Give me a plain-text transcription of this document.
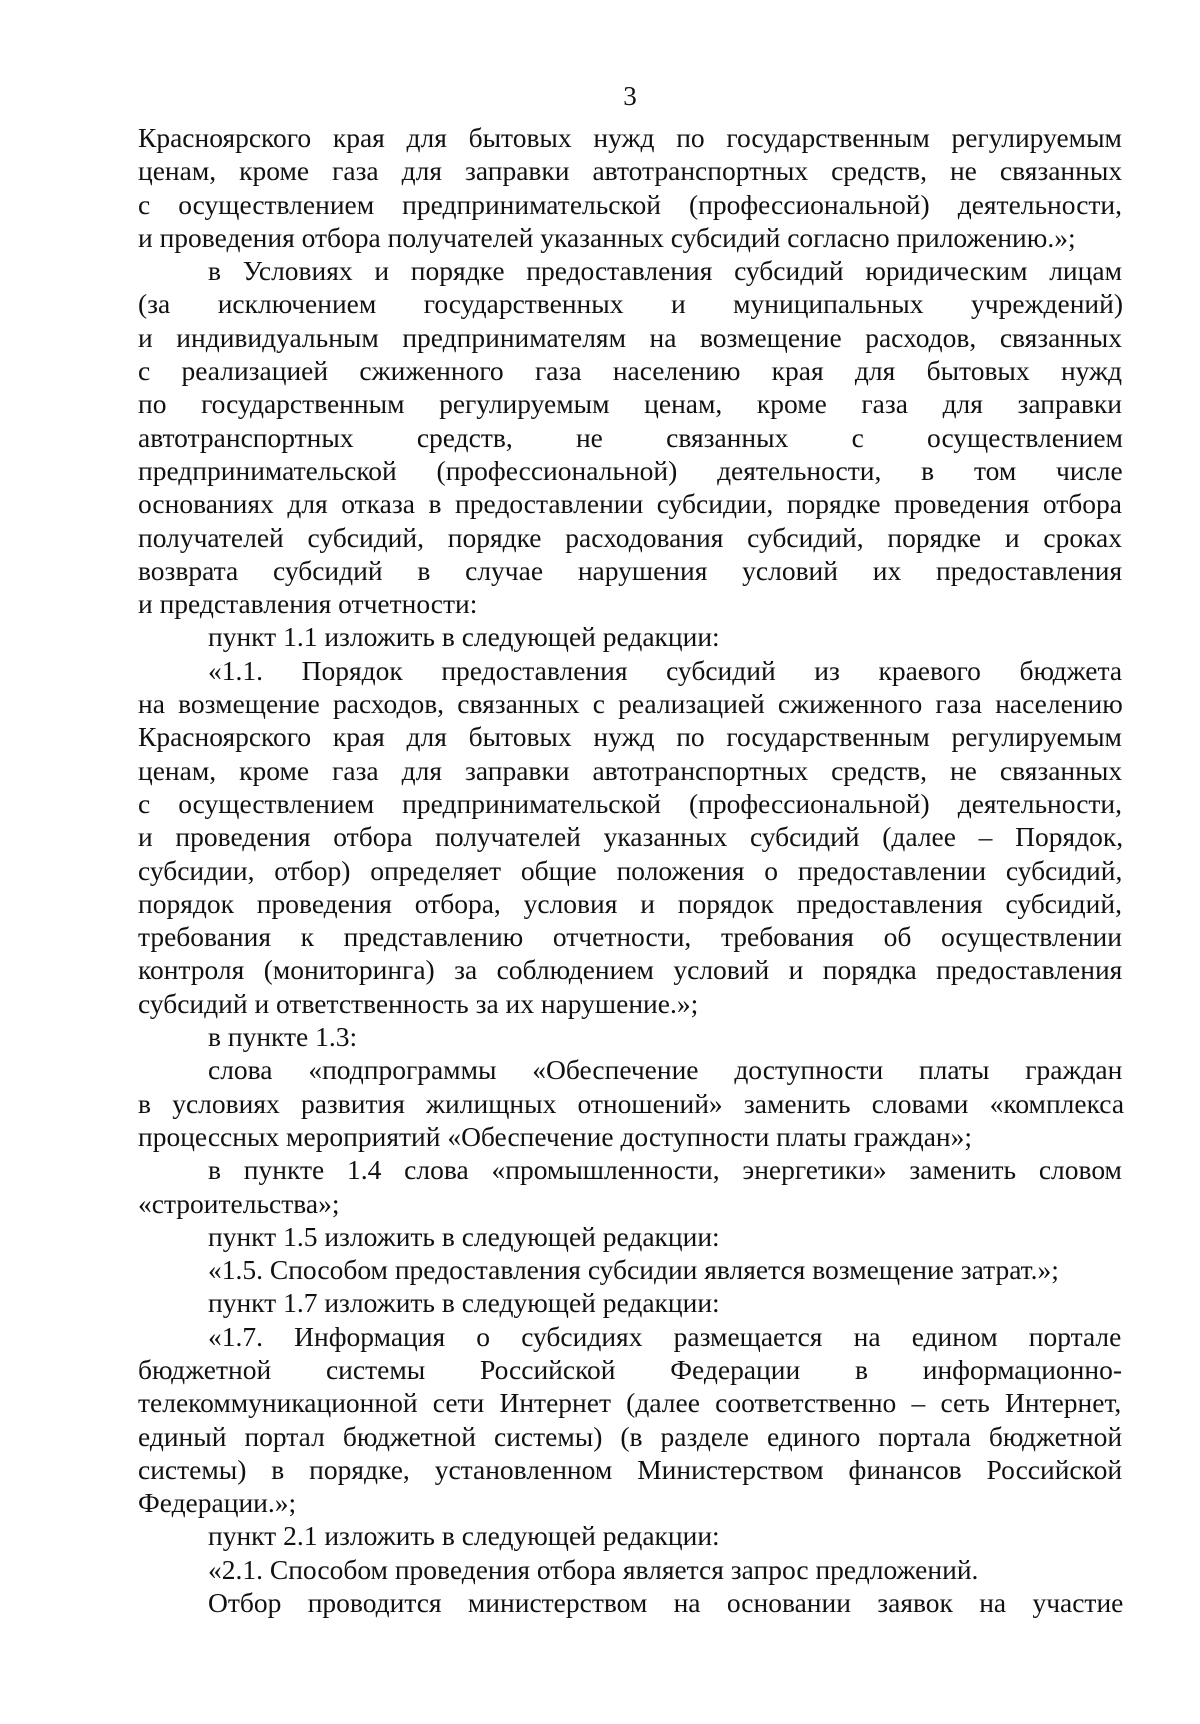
3
Красноярского края для бытовых нужд по государственным регулируемым
ценам, кроме газа для заправки автотранспортных средств, не связанных
с осуществлением предпринимательской (профессиональной) деятельности,
и проведения отбора получателей указанных субсидий согласно приложению.»;
в Условиях и порядке предоставления субсидий юридическим лицам
(за исключением государственных и муниципальных учреждений)
и индивидуальным предпринимателям на возмещение расходов, связанных
с реализацией сжиженного газа населению края для бытовых нужд
по государственным регулируемым ценам, кроме газа для заправки
автотранспортных средств, не связанных с осуществлением
предпринимательской (профессиональной) деятельности, в том числе
основаниях для отказа в предоставлении субсидии, порядке проведения отбора
получателей субсидий, порядке расходования субсидий, порядке и сроках
возврата субсидий в случае нарушения условий их предоставления
и представления отчетности:
пункт 1.1 изложить в следующей редакции:
«1.1. Порядок предоставления субсидий из краевого бюджета
на возмещение расходов, связанных с реализацией сжиженного газа населению
Красноярского края для бытовых нужд по государственным регулируемым
ценам, кроме газа для заправки автотранспортных средств, не связанных
с осуществлением предпринимательской (профессиональной) деятельности,
и проведения отбора получателей указанных субсидий (далее – Порядок,
субсидии, отбор) определяет общие положения о предоставлении субсидий,
порядок проведения отбора, условия и порядок предоставления субсидий,
требования к представлению отчетности, требования об осуществлении
контроля (мониторинга) за соблюдением условий и порядка предоставления
субсидий и ответственность за их нарушение.»;
в пункте 1.3:
слова «подпрограммы «Обеспечение доступности платы граждан
в условиях развития жилищных отношений» заменить словами «комплекса
процессных мероприятий «Обеспечение доступности платы граждан»;
в пункте 1.4 слова «промышленности, энергетики» заменить словом
«строительства»;
пункт 1.5 изложить в следующей редакции:
«1.5. Способом предоставления субсидии является возмещение затрат.»;
пункт 1.7 изложить в следующей редакции:
«1.7. Информация о субсидиях размещается на едином портале
бюджетной системы Российской Федерации в информационно-
телекоммуникационной сети Интернет (далее соответственно – сеть Интернет,
единый портал бюджетной системы) (в разделе единого портала бюджетной
системы) в порядке, установленном Министерством финансов Российской
Федерации.»;
пункт 2.1 изложить в следующей редакции:
«2.1. Способом проведения отбора является запрос предложений.
Отбор проводится министерством на основании заявок на участие
